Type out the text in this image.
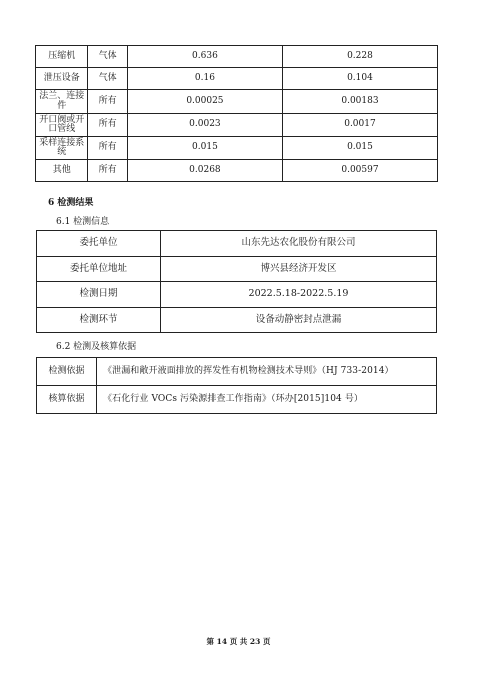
压缩机	气体	0.636	0.228
泄压设备	气体	0.16	0.104
法兰、连接件	所有	0.00025	0.00183
开口阀或开口管线	所有	0.0023	0.0017
采样连接系统	所有	0.015	0.015
其他	所有	0.0268	0.00597
6 检测结果
6.1 检测信息
委托单位	山东先达农化股份有限公司
委托单位地址	博兴县经济开发区
检测日期	2022.5.18-2022.5.19
检测环节	设备动静密封点泄漏
6.2 检测及核算依据
检测依据	《泄漏和敞开液面排放的挥发性有机物检测技术导则》（HJ 733-2014）
核算依据	《石化行业 VOCs 污染源排查工作指南》（环办[2015]104 号）
第 14 页 共 23 页
